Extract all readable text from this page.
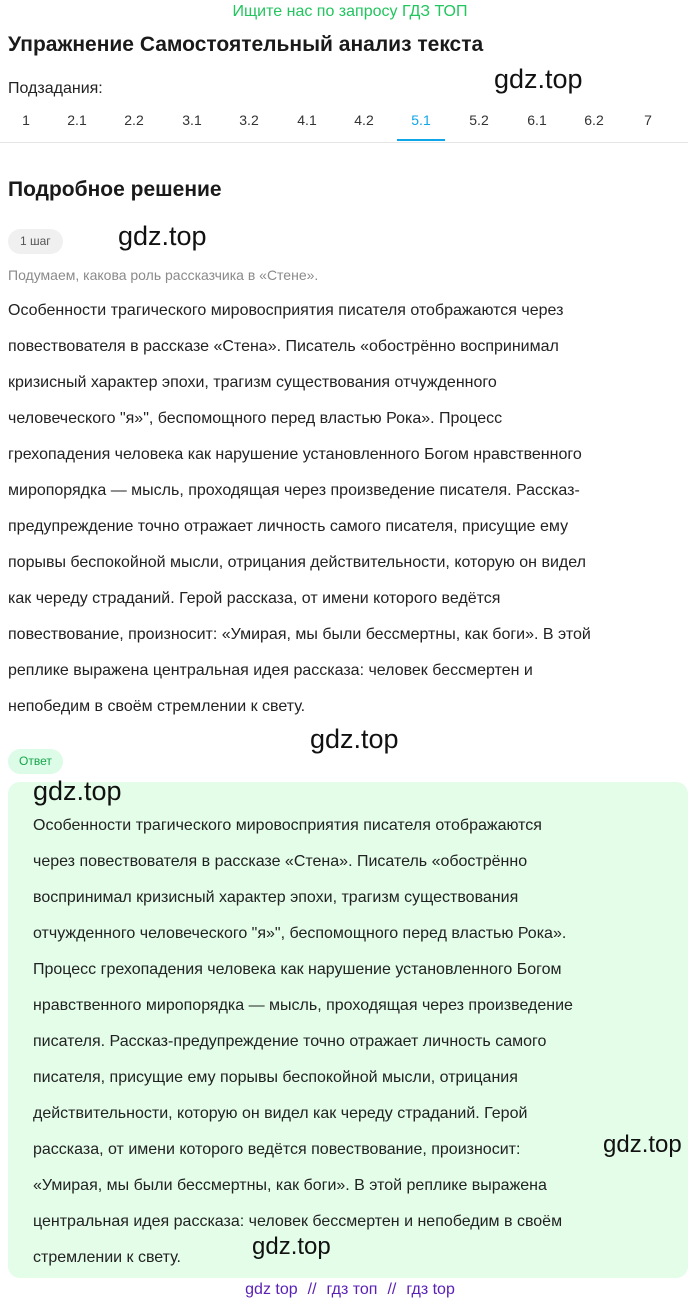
Ищите нас по запросу ГДЗ ТОП
Упражнение Самостоятельный анализ текста
gdz.top
Подзадания:
1	2.1	2.2	3.1	3.2	4.1	4.2	5.1	5.2	6.1	6.2	7
Подробное решение
1 шаг	gdz.top
Подумаем, какова роль рассказчика в «Стене».
Особенности трагического мировосприятия писателя отображаются через
повествователя в рассказе «Стена». Писатель «обострённо воспринимал
кризисный характер эпохи, трагизм существования отчужденного
человеческого "я»", беспомощного перед властью Рока». Процесс
грехопадения человека как нарушение установленного Богом нравственного
миропорядка — мысль, проходящая через произведение писателя. Рассказ-
предупреждение точно отражает личность самого писателя, присущие ему
порывы беспокойной мысли, отрицания действительности, которую он видел
как череду страданий. Герой рассказа, от имени которого ведётся
повествование, произносит: «Умирая, мы были бессмертны, как боги». В этой
реплике выражена центральная идея рассказа: человек бессмертен и
непобедим в своём стремлении к свету.
gdz.top
Ответ
gdz.top
Особенности трагического мировосприятия писателя отображаются
через повествователя в рассказе «Стена». Писатель «обострённо
воспринимал кризисный характер эпохи, трагизм существования
отчужденного человеческого "я»", беспомощного перед властью Рока».
Процесс грехопадения человека как нарушение установленного Богом
нравственного миропорядка — мысль, проходящая через произведение
писателя. Рассказ-предупреждение точно отражает личность самого
писателя, присущие ему порывы беспокойной мысли, отрицания
действительности, которую он видел как череду страданий. Герой
рассказа, от имени которого ведётся повествование, произносит:
«Умирая, мы были бессмертны, как боги». В этой реплике выражена
центральная идея рассказа: человек бессмертен и непобедим в своём
стремлении к свету.
gdz.top
gdz.top
gdz top // гдз топ // гдз top
